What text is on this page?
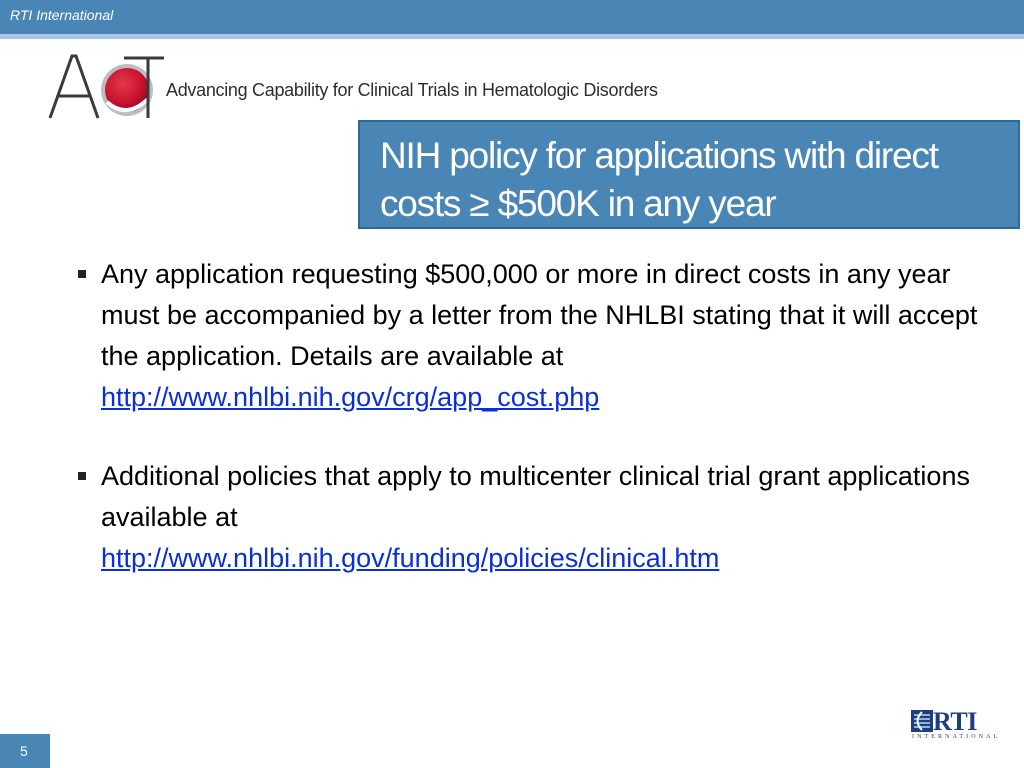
RTI International
Advancing Capability for Clinical Trials in Hematologic Disorders
NIH policy for applications with direct
costs ≥ $500K in any year
Any application requesting $500,000 or more in direct costs in any year must be accompanied by a letter from the NHLBI stating that it will accept the application. Details are available at http://www.nhlbi.nih.gov/crg/app_cost.php
Additional policies that apply to multicenter clinical trial grant applications available at
http://www.nhlbi.nih.gov/funding/policies/clinical.htm
RTI
INTERNATIONAL
5
